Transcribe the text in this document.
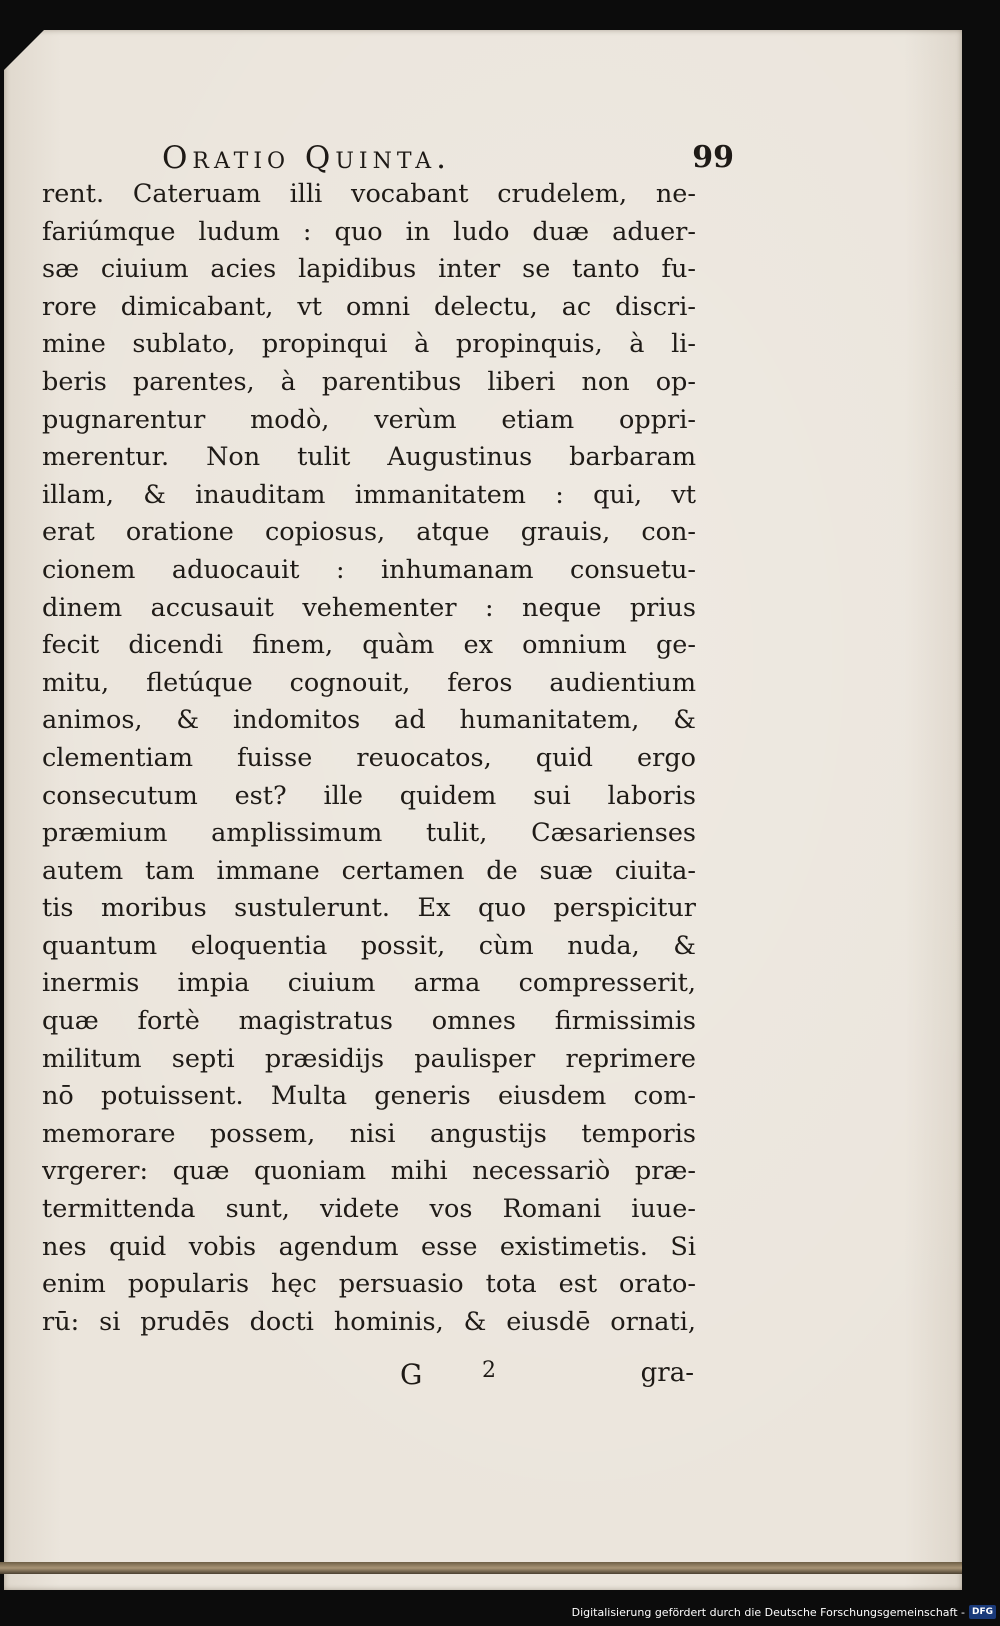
Oratio Quinta.	99
rent. Cateruam illi vocabant crudelem, ne-
fariúmque ludum : quo in ludo duæ aduer-
sæ ciuium acies lapidibus inter se tanto fu-
rore dimicabant, vt omni delectu, ac discri-
mine sublato, propinqui à propinquis, à li-
beris parentes, à parentibus liberi non op-
pugnarentur modò, verùm etiam oppri-
merentur. Non tulit Augustinus barbaram
illam, & inauditam immanitatem : qui, vt
erat oratione copiosus, atque grauis, con-
cionem aduocauit : inhumanam consuetu-
dinem accusauit vehementer : neque prius
fecit dicendi finem, quàm ex omnium ge-
mitu, fletúque cognouit, feros audientium
animos, & indomitos ad humanitatem, &
clementiam fuisse reuocatos, quid ergo
consecutum est? ille quidem sui laboris
præmium amplissimum tulit, Cæsarienses
autem tam immane certamen de suæ ciuita-
tis moribus sustulerunt. Ex quo perspicitur
quantum eloquentia possit, cùm nuda, &
inermis impia ciuium arma compresserit,
quæ fortè magistratus omnes firmissimis
militum septi præsidijs paulisper reprimere
nō potuissent. Multa generis eiusdem com-
memorare possem, nisi angustijs temporis
vrgerer: quæ quoniam mihi necessariò præ-
termittenda sunt, videte vos Romani iuue-
nes quid vobis agendum esse existimetis. Si
enim popularis hęc persuasio tota est orato-
rū: si prudēs docti hominis, & eiusdē ornati,
G	2	gra-
Digitalisierung gefördert durch die Deutsche Forschungsgemeinschaft - DFG
